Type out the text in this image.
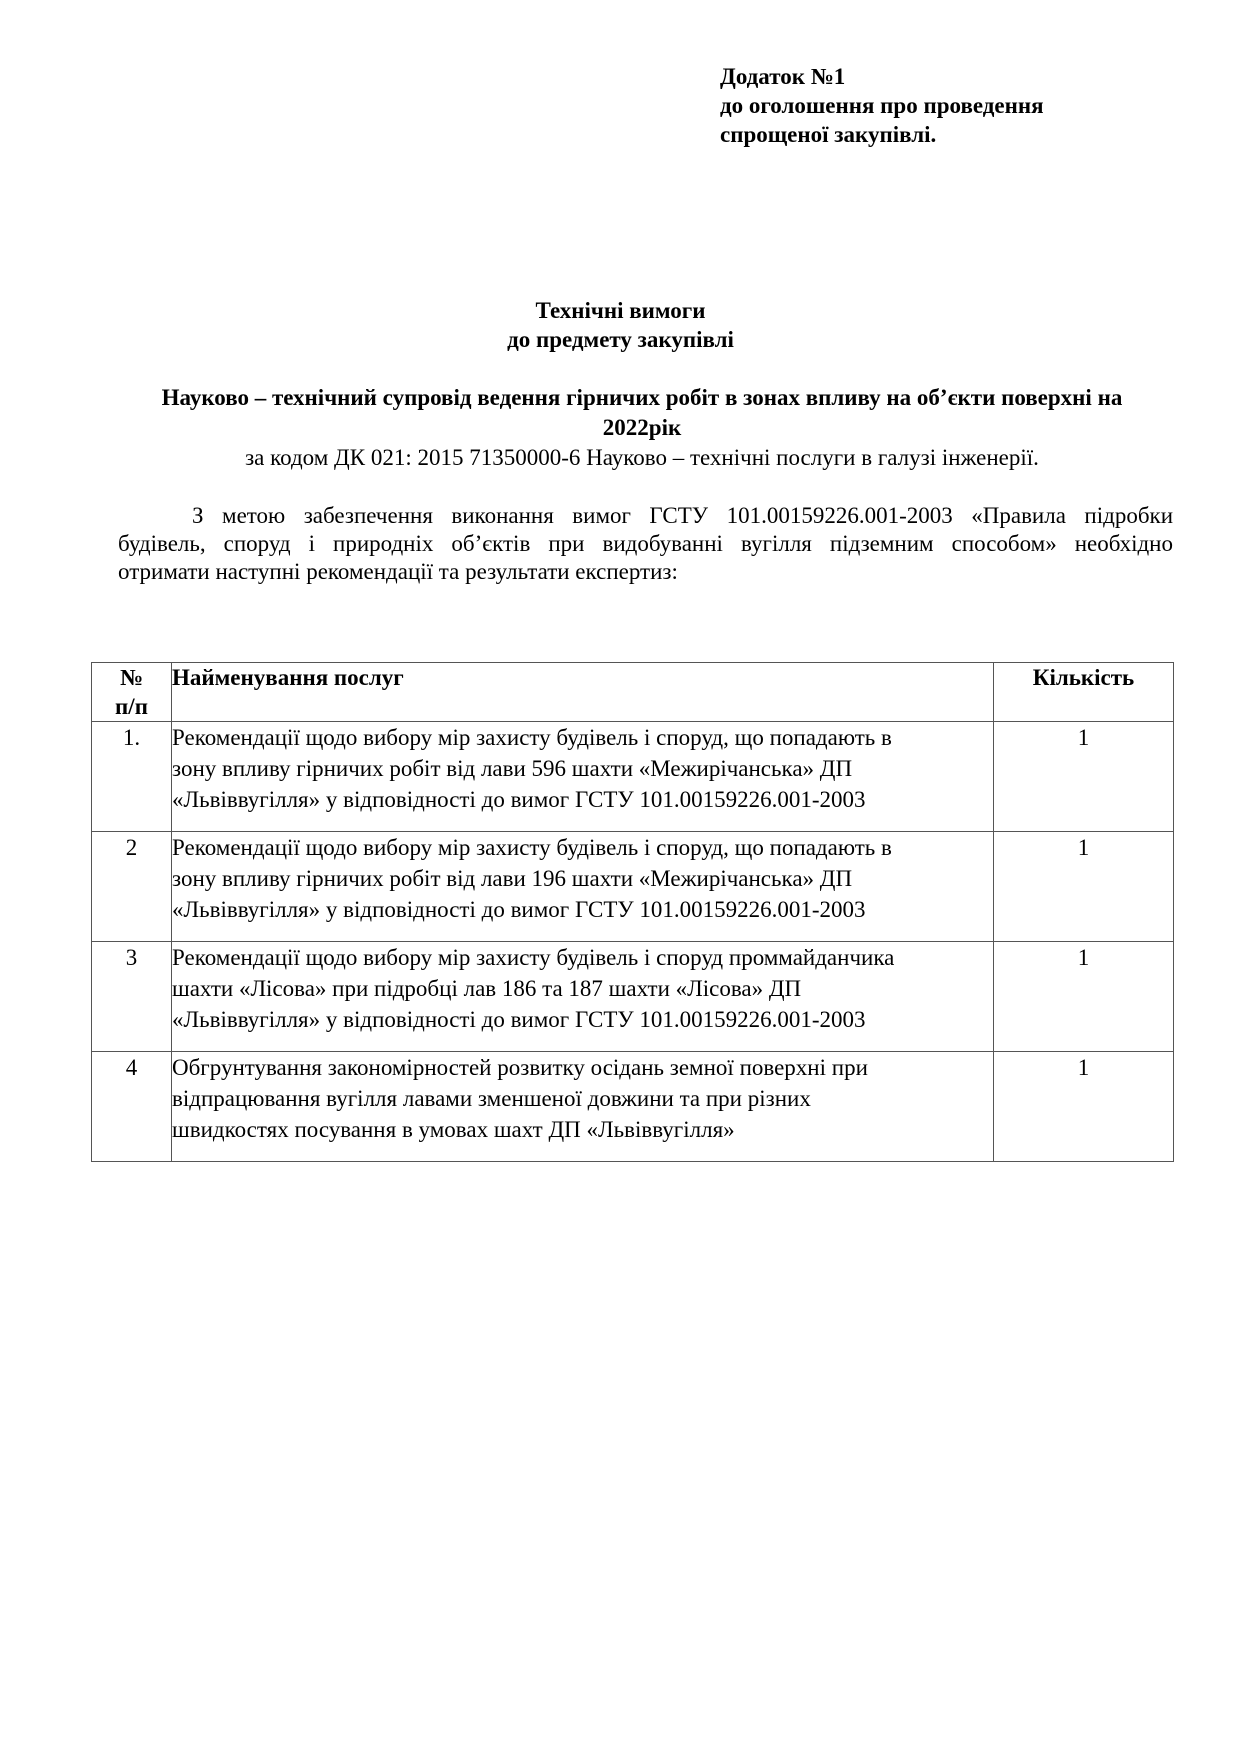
Додаток №1
до оголошення про проведення
спрощеної закупівлі.
Технічні вимоги
до предмету закупівлі
Науково – технічний супровід ведення гірничих робіт в зонах впливу на об’єкти поверхні на
2022рік
за кодом ДК 021: 2015 71350000-6 Науково – технічні послуги в галузі інженерії.
З метою забезпечення виконання вимог ГСТУ 101.00159226.001-2003 «Правила підробки
будівель, споруд і природніх об’єктів при видобуванні вугілля підземним способом» необхідно
отримати наступні рекомендації та результати експертиз:
№
п/п	Найменування послуг	Кількість
1.	Рекомендації щодо вибору мір захисту будівель і споруд, що попадають в
зону впливу гірничих робіт від лави 596 шахти «Межирічанська» ДП
«Львіввугілля» у відповідності до вимог ГСТУ 101.00159226.001-2003	1
2	Рекомендації щодо вибору мір захисту будівель і споруд, що попадають в
зону впливу гірничих робіт від лави 196 шахти «Межирічанська» ДП
«Львіввугілля» у відповідності до вимог ГСТУ 101.00159226.001-2003	1
3	Рекомендації щодо вибору мір захисту будівель і споруд проммайданчика
шахти «Лісова» при підробці лав 186 та 187 шахти «Лісова» ДП
«Львіввугілля» у відповідності до вимог ГСТУ 101.00159226.001-2003	1
4	Обгрунтування закономірностей розвитку осідань земної поверхні при
відпрацювання вугілля лавами зменшеної довжини та при різних
швидкостях посування в умовах шахт ДП «Львіввугілля»	1
